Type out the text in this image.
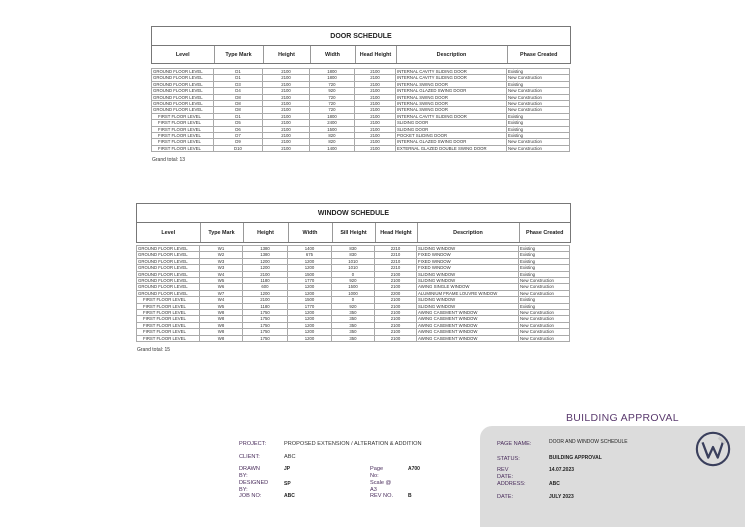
DOOR SCHEDULE
Level	Type Mark	Height	Width	Head Height	Description	Phase Created
GROUND FLOOR LEVEL	D1	2100	1800	2100	INTERNAL CAVITY SLIDING DOOR	Existing
GROUND FLOOR LEVEL	D1	2100	1800	2100	INTERNAL CAVITY SLIDING DOOR	New Construction
GROUND FLOOR LEVEL	D3	2100	720	2100	INTERNAL SWING DOOR	Existing
GROUND FLOOR LEVEL	D4	2100	920	2100	INTERNAL GLAZED SWING DOOR	New Construction
GROUND FLOOR LEVEL	D8	2100	720	2100	INTERNAL SWING DOOR	New Construction
GROUND FLOOR LEVEL	D8	2100	720	2100	INTERNAL SWING DOOR	New Construction
GROUND FLOOR LEVEL	D8	2100	720	2100	INTERNAL SWING DOOR	New Construction
FIRST FLOOR LEVEL	D1	2100	1800	2100	INTERNAL CAVITY SLIDING DOOR	Existing
FIRST FLOOR LEVEL	D5	2100	2400	2100	SLIDING DOOR	Existing
FIRST FLOOR LEVEL	D6	2100	1500	2100	SLIDING DOOR	Existing
FIRST FLOOR LEVEL	D7	2100	820	2100	POCKET SLIDING DOOR	Existing
FIRST FLOOR LEVEL	D9	2100	820	2100	INTERNAL GLAZED SWING DOOR	New Construction
FIRST FLOOR LEVEL	D10	2100	1400	2100	EXTERNAL GLAZED DOUBLE SWING DOOR	New Construction
Grand total: 13
WINDOW SCHEDULE
Level	Type Mark	Height	Width	Sill Height	Head Height	Description	Phase Created
GROUND FLOOR LEVEL	W1	1380	1400	830	2210	SLIDING WINDOW	Existing
GROUND FLOOR LEVEL	W2	1380	675	830	2210	FIXED WINDOW	Existing
GROUND FLOOR LEVEL	W3	1200	1200	1010	2210	FIXED WINDOW	Existing
GROUND FLOOR LEVEL	W3	1200	1200	1010	2210	FIXED WINDOW	Existing
GROUND FLOOR LEVEL	W4	2100	1500	0	2100	SLIDING WINDOW	Existing
GROUND FLOOR LEVEL	W5	1180	1770	920	2100	SLIDING WINDOW	New Construction
GROUND FLOOR LEVEL	W6	600	1200	1500	2100	AWING SINGLE WINDOW	New Construction
GROUND FLOOR LEVEL	W7	1200	1200	1000	2200	ALUMINIUM FRAME LOUVRE WINDOW	New Construction
FIRST FLOOR LEVEL	W4	2100	1500	0	2100	SLIDING WINDOW	Existing
FIRST FLOOR LEVEL	W5	1180	1770	920	2100	SLIDING WINDOW	Existing
FIRST FLOOR LEVEL	W8	1750	1200	350	2100	AWING CASEMENT WINDOW	New Construction
FIRST FLOOR LEVEL	W8	1750	1200	350	2100	AWING CASEMENT WINDOW	New Construction
FIRST FLOOR LEVEL	W8	1750	1200	350	2100	AWING CASEMENT WINDOW	New Construction
FIRST FLOOR LEVEL	W8	1750	1200	350	2100	AWING CASEMENT WINDOW	New Construction
FIRST FLOOR LEVEL	W8	1750	1200	350	2100	AWING CASEMENT WINDOW	New Construction
Grand total: 15
BUILDING APPROVAL
PROJECT:	PROPOSED EXTENSION / ALTERATION & ADDITION
CLIENT:	ABC
DRAWN BY:
JP
DESIGNED BY:
SP
JOB NO:	ABC
Page No:
A700
Scale @ A3
REV NO.	B
PAGE NAME:	DOOR AND WINDOW SCHEDULE
STATUS:	BUILDING APPROVAL
REV DATE:
14.07.2023
ADDRESS:	ABC
DATE:	JULY 2023
